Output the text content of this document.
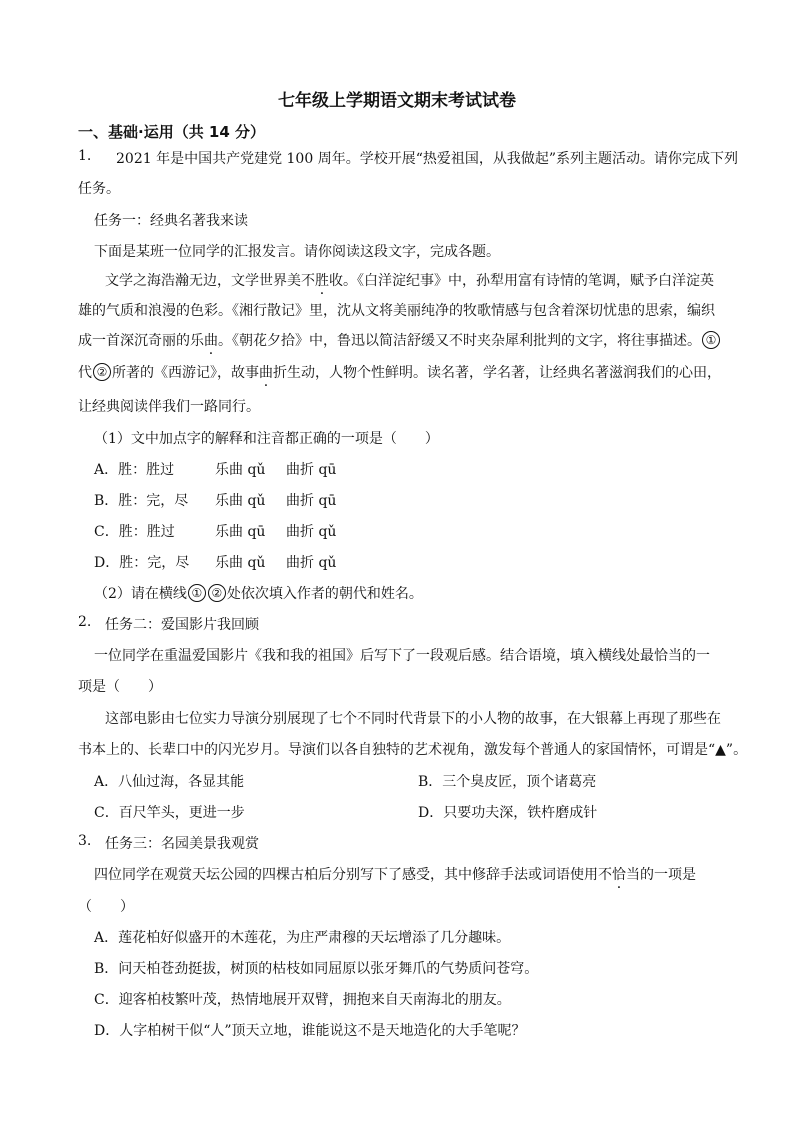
七年级上学期语文期末考试试卷
一、基础·运用（共 14 分）
1. 2021 年是中国共产党建党 100 周年。学校开展“热爱祖国，从我做起”系列主题活动。请你完成下列
任务。
任务一：经典名著我来读
下面是某班一位同学的汇报发言。请你阅读这段文字，完成各题。
文学之海浩瀚无边，文学世界美不胜收。《白洋淀纪事》中，孙犁用富有诗情的笔调，赋予白洋淀英
雄的气质和浪漫的色彩。《湘行散记》里，沈从文将美丽纯净的牧歌情感与包含着深切忧患的思索，编织
成一首深沉奇丽的乐曲。《朝花夕拾》中，鲁迅以简洁舒缓又不时夹杂犀利批判的文字，将往事描述。 ①
代 ② 所著的《西游记》，故事曲折生动，人物个性鲜明。读名著，学名著，让经典名著滋润我们的心田，
让经典阅读伴我们一路同行。
（1）文中加点字的解释和注音都正确的一项是（　　）
A．胜：胜过	乐曲 qǔ 曲折 qū
B．胜：完，尽 乐曲 qǔ 曲折 qū
C．胜：胜过	乐曲 qū 曲折 qǔ
D．胜：完，尽 乐曲 qǔ 曲折 qǔ
（2）请在横线 ① ② 处依次填入作者的朝代和姓名。
2. 任务二：爱国影片我回顾
一位同学在重温爱国影片《我和我的祖国》后写下了一段观后感。结合语境，填入横线处最恰当的一
项是（　　）
这部电影由七位实力导演分别展现了七个不同时代背景下的小人物的故事，在大银幕上再现了那些在
书本上的、长辈口中的闪光岁月。导演们以各自独特的艺术视角，激发每个普通人的家国情怀，可谓是“▲”。
A．八仙过海，各显其能	B．三个臭皮匠，顶个诸葛亮
C．百尺竿头，更进一步	D．只要功夫深，铁杵磨成针
3. 任务三：名园美景我观赏
四位同学在观赏天坛公园的四棵古柏后分别写下了感受，其中修辞手法或词语使用不恰当的一项是
（　　）
A．莲花柏好似盛开的木莲花，为庄严肃穆的天坛增添了几分趣味。
B．问天柏苍劲挺拔，树顶的枯枝如同屈原以张牙舞爪的气势质问苍穹。
C．迎客柏枝繁叶茂，热情地展开双臂，拥抱来自天南海北的朋友。
D．人字柏树干似“人”顶天立地，谁能说这不是天地造化的大手笔呢？
